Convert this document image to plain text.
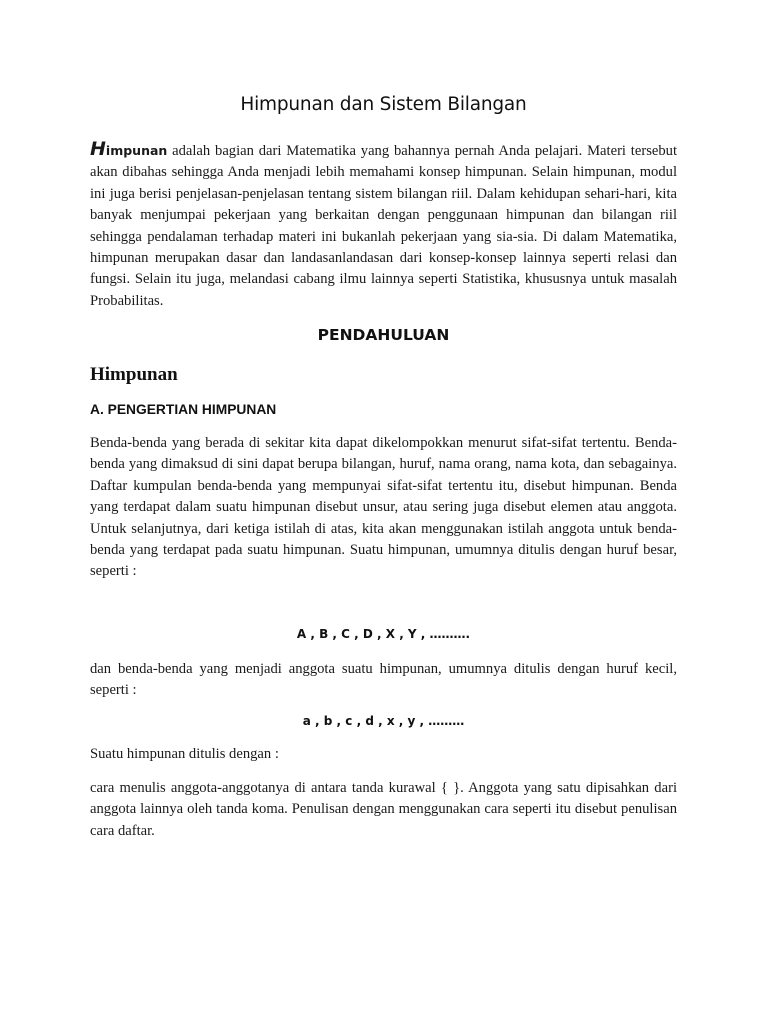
Himpunan dan Sistem Bilangan

Himpunan adalah bagian dari Matematika yang bahannya pernah Anda pelajari. Materi tersebut akan dibahas sehingga Anda menjadi lebih memahami konsep himpunan. Selain himpunan, modul ini juga berisi penjelasan-penjelasan tentang sistem bilangan riil. Dalam kehidupan sehari-hari, kita banyak menjumpai pekerjaan yang berkaitan dengan penggunaan himpunan dan bilangan riil sehingga pendalaman terhadap materi ini bukanlah pekerjaan yang sia-sia. Di dalam Matematika, himpunan merupakan dasar dan landasanlandasan dari konsep-konsep lainnya seperti relasi dan fungsi. Selain itu juga, melandasi cabang ilmu lainnya seperti Statistika, khususnya untuk masalah Probabilitas.

PENDAHULUAN
Himpunan
A. PENGERTIAN HIMPUNAN

Benda-benda yang berada di sekitar kita dapat dikelompokkan menurut sifat-sifat tertentu. Benda-benda yang dimaksud di sini dapat berupa bilangan, huruf, nama orang, nama kota, dan sebagainya. Daftar kumpulan benda-benda yang mempunyai sifat-sifat tertentu itu, disebut himpunan. Benda yang terdapat dalam suatu himpunan disebut unsur, atau sering juga disebut elemen atau anggota. Untuk selanjutnya, dari ketiga istilah di atas, kita akan menggunakan istilah anggota untuk benda-benda yang terdapat pada suatu himpunan. Suatu himpunan, umumnya ditulis dengan huruf besar, seperti :

A , B , C , D , X , Y , ……….

dan benda-benda yang menjadi anggota suatu himpunan, umumnya ditulis dengan huruf kecil, seperti :

a , b , c , d , x , y , ………

Suatu himpunan ditulis dengan :

cara menulis anggota-anggotanya di antara tanda kurawal { }. Anggota yang satu dipisahkan dari anggota lainnya oleh tanda koma. Penulisan dengan menggunakan cara seperti itu disebut penulisan cara daftar.
